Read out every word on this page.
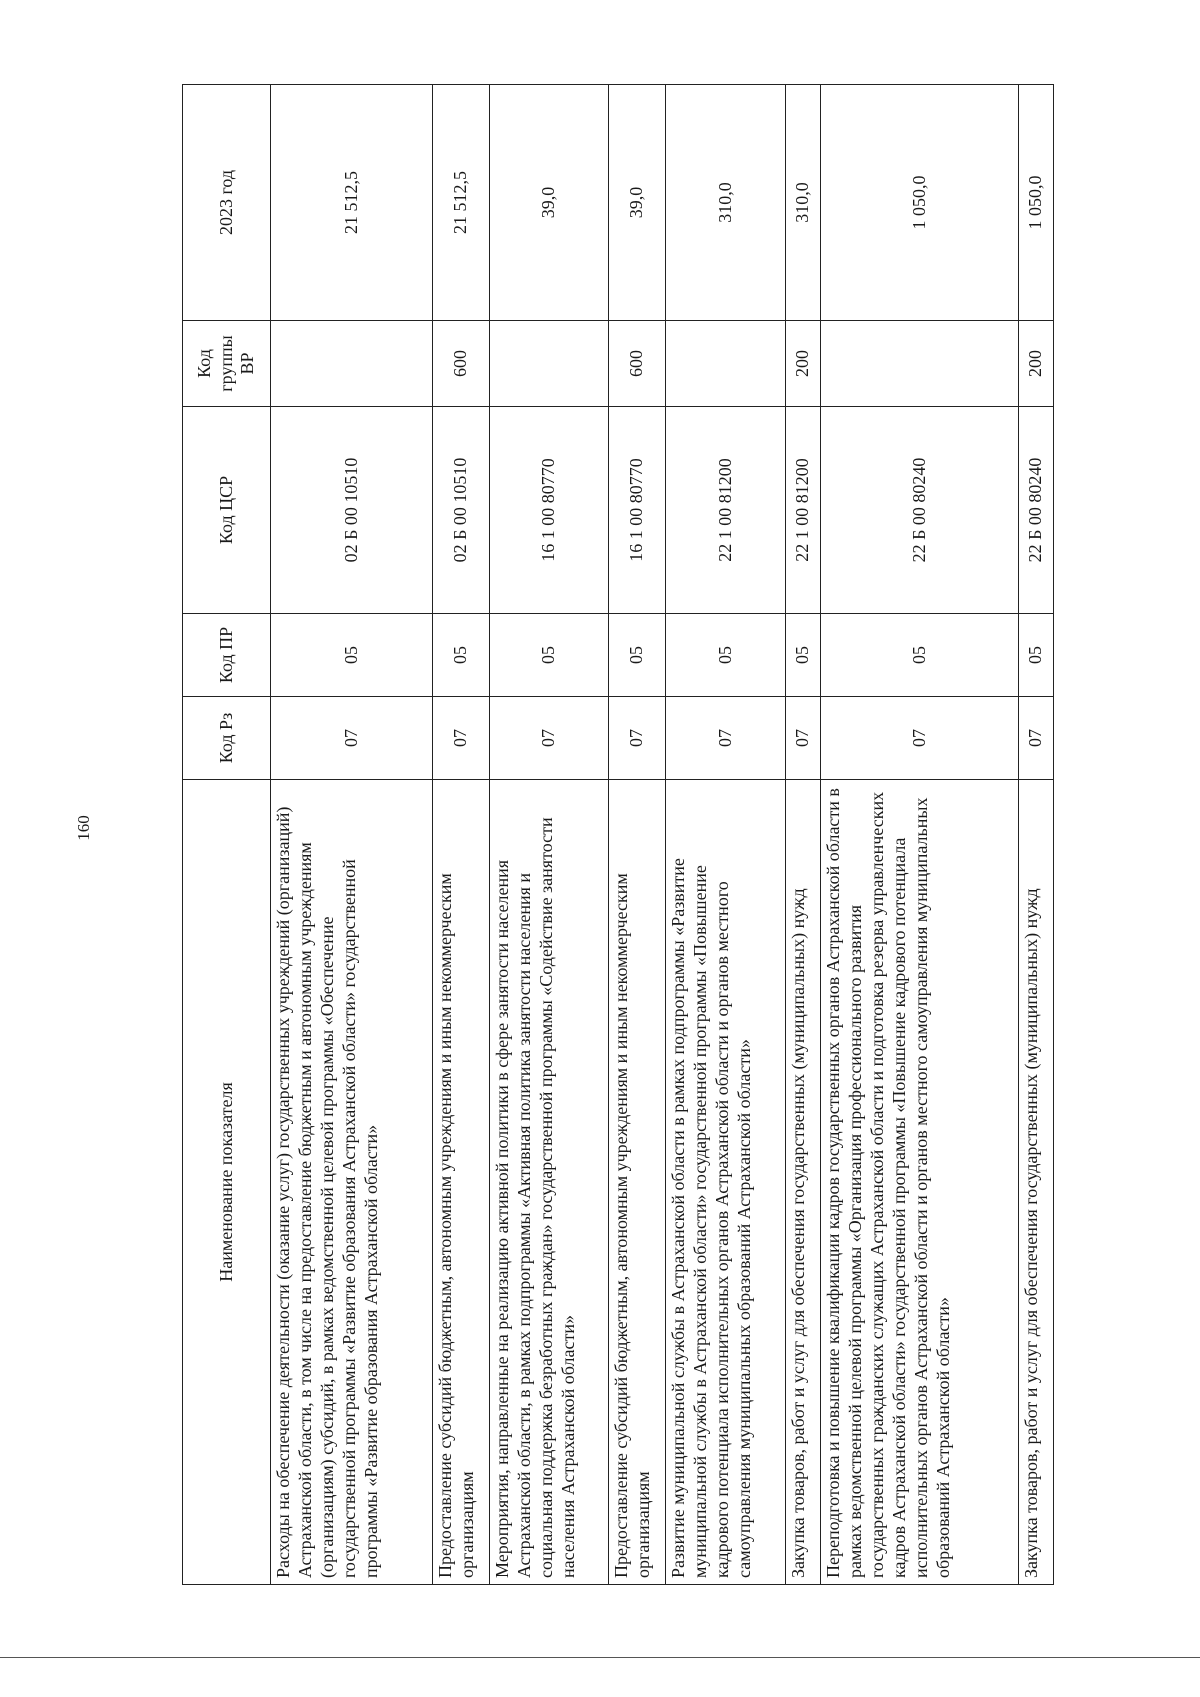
160
Наименование показателя	Код Рз	Код ПР	Код ЦСР	Код группы ВР	2023 год
Расходы на обеспечение деятельности (оказание услуг) государственных учреждений (организаций) Астраханской области, в том числе на предоставление бюджетным и автономным учреждениям (организациям) субсидий, в рамках ведомственной целевой программы «Обеспечение государственной программы «Развитие образования Астраханской области» государственной программы «Развитие образования Астраханской области»	07	05	02 Б 00 10510		21 512,5
Предоставление субсидий бюджетным, автономным учреждениям и иным некоммерческим организациям	07	05	02 Б 00 10510	600	21 512,5
Мероприятия, направленные на реализацию активной политики в сфере занятости населения Астраханской области, в рамках подпрограммы «Активная политика занятости населения и социальная поддержка безработных граждан» государственной программы «Содействие занятости населения Астраханской области»	07	05	16 1 00 80770		39,0
Предоставление субсидий бюджетным, автономным учреждениям и иным некоммерческим организациям	07	05	16 1 00 80770	600	39,0
Развитие муниципальной службы в Астраханской области в рамках подпрограммы «Развитие муниципальной службы в Астраханской области» государственной программы «Повышение кадрового потенциала исполнительных органов Астраханской области и органов местного самоуправления муниципальных образований Астраханской области»	07	05	22 1 00 81200		310,0
Закупка товаров, работ и услуг для обеспечения государственных (муниципальных) нужд	07	05	22 1 00 81200	200	310,0
Переподготовка и повышение квалификации кадров государственных органов Астраханской области в рамках ведомственной целевой программы «Организация профессионального развития государственных гражданских служащих Астраханской области и подготовка резерва управленческих кадров Астраханской области» государственной программы «Повышение кадрового потенциала исполнительных органов Астраханской области и органов местного самоуправления муниципальных образований Астраханской области»	07	05	22 Б 00 80240		1 050,0
Закупка товаров, работ и услуг для обеспечения государственных (муниципальных) нужд	07	05	22 Б 00 80240	200	1 050,0
